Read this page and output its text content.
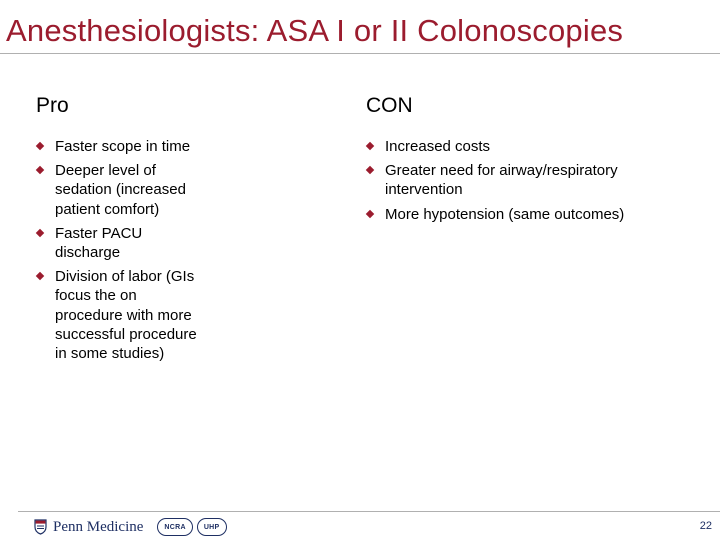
Anesthesiologists: ASA I or II Colonoscopies
Pro	CON
Faster scope in time
Deeper level of sedation (increased patient comfort)
Faster PACU discharge
Division of labor (GIs focus the on procedure with more successful procedure in some studies)
Increased costs
Greater need for airway/respiratory intervention
More hypotension (same outcomes)
Penn Medicine	NCRA	UHP	22
